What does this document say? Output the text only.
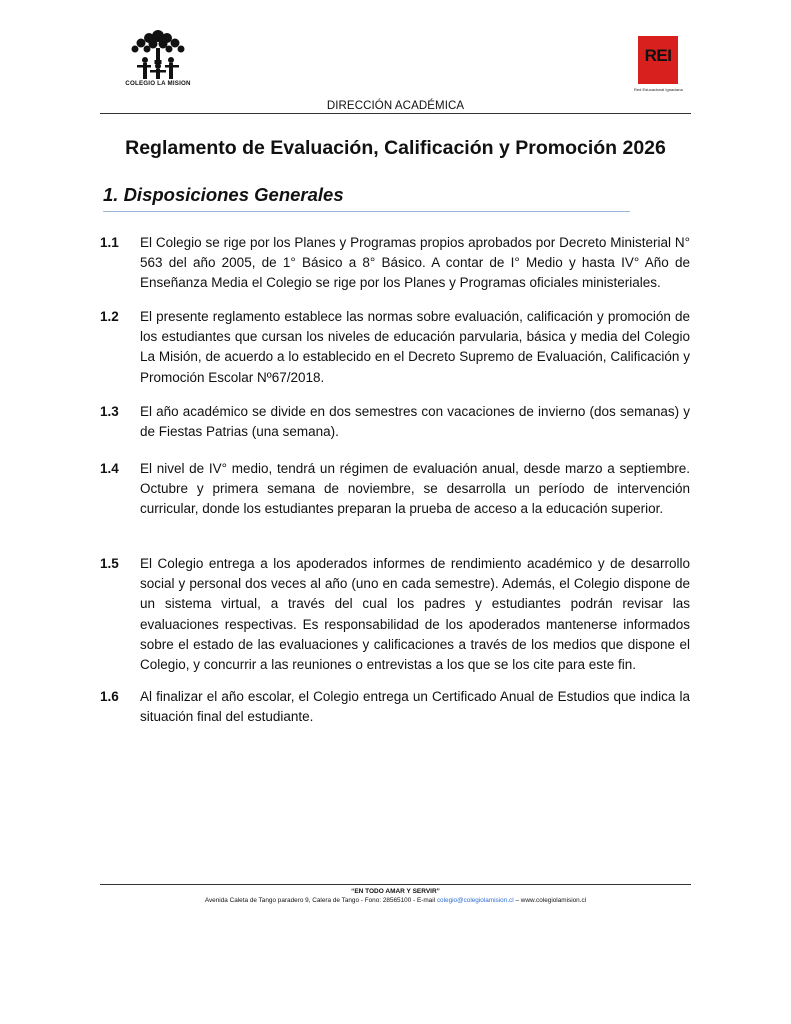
COLEGIO LA MISION
REI
Red Educacional Ignaciana
DIRECCIÓN ACADÉMICA
Reglamento de Evaluación, Calificación y Promoción 2026
1. Disposiciones Generales
1.1 El Colegio se rige por los Planes y Programas propios aprobados por Decreto Ministerial N° 563 del año 2005, de 1° Básico a 8° Básico. A contar de I° Medio y hasta IV° Año de Enseñanza Media el Colegio se rige por los Planes y Programas oficiales ministeriales.
1.2 El presente reglamento establece las normas sobre evaluación, calificación y promoción de los estudiantes que cursan los niveles de educación parvularia, básica y media del Colegio La Misión, de acuerdo a lo establecido en el Decreto Supremo de Evaluación, Calificación y Promoción Escolar Nº67/2018.
1.3 El año académico se divide en dos semestres con vacaciones de invierno (dos semanas) y de Fiestas Patrias (una semana).
1.4 El nivel de IV° medio, tendrá un régimen de evaluación anual, desde marzo a septiembre. Octubre y primera semana de noviembre, se desarrolla un período de intervención curricular, donde los estudiantes preparan la prueba de acceso a la educación superior.
1.5 El Colegio entrega a los apoderados informes de rendimiento académico y de desarrollo social y personal dos veces al año (uno en cada semestre). Además, el Colegio dispone de un sistema virtual, a través del cual los padres y estudiantes podrán revisar las evaluaciones respectivas. Es responsabilidad de los apoderados mantenerse informados sobre el estado de las evaluaciones y calificaciones a través de los medios que dispone el Colegio, y concurrir a las reuniones o entrevistas a los que se los cite para este fin.
1.6 Al finalizar el año escolar, el Colegio entrega un Certificado Anual de Estudios que indica la situación final del estudiante.
“EN TODO AMAR Y SERVIR”
Avenida Caleta de Tango paradero 9, Calera de Tango - Fono: 28565100 - E-mail colegio@colegiolamision.cl – www.colegiolamision.cl
